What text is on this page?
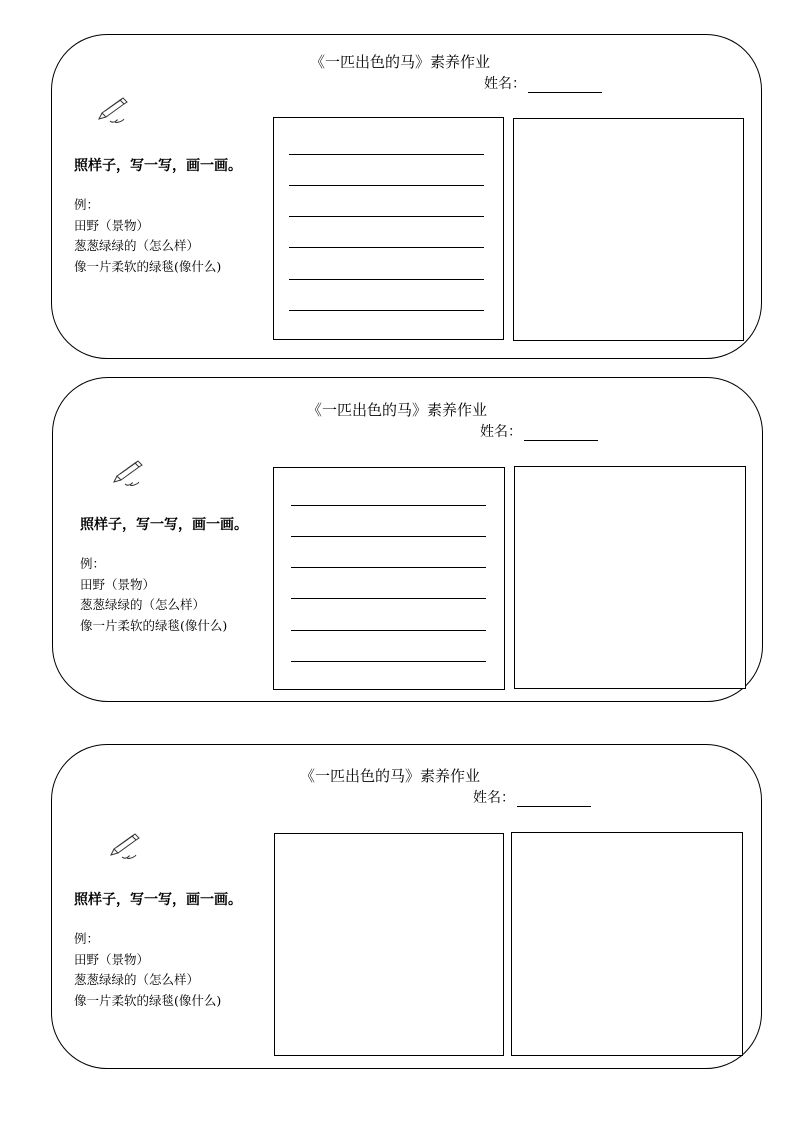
《一匹出色的马》素养作业
姓名：
照样子，写一写，画一画。
例：
田野（景物）
葱葱绿绿的（怎么样）
像一片柔软的绿毯(像什么)
《一匹出色的马》素养作业
姓名：
照样子，写一写，画一画。
例：
田野（景物）
葱葱绿绿的（怎么样）
像一片柔软的绿毯(像什么)
《一匹出色的马》素养作业
姓名：
照样子，写一写，画一画。
例：
田野（景物）
葱葱绿绿的（怎么样）
像一片柔软的绿毯(像什么)
